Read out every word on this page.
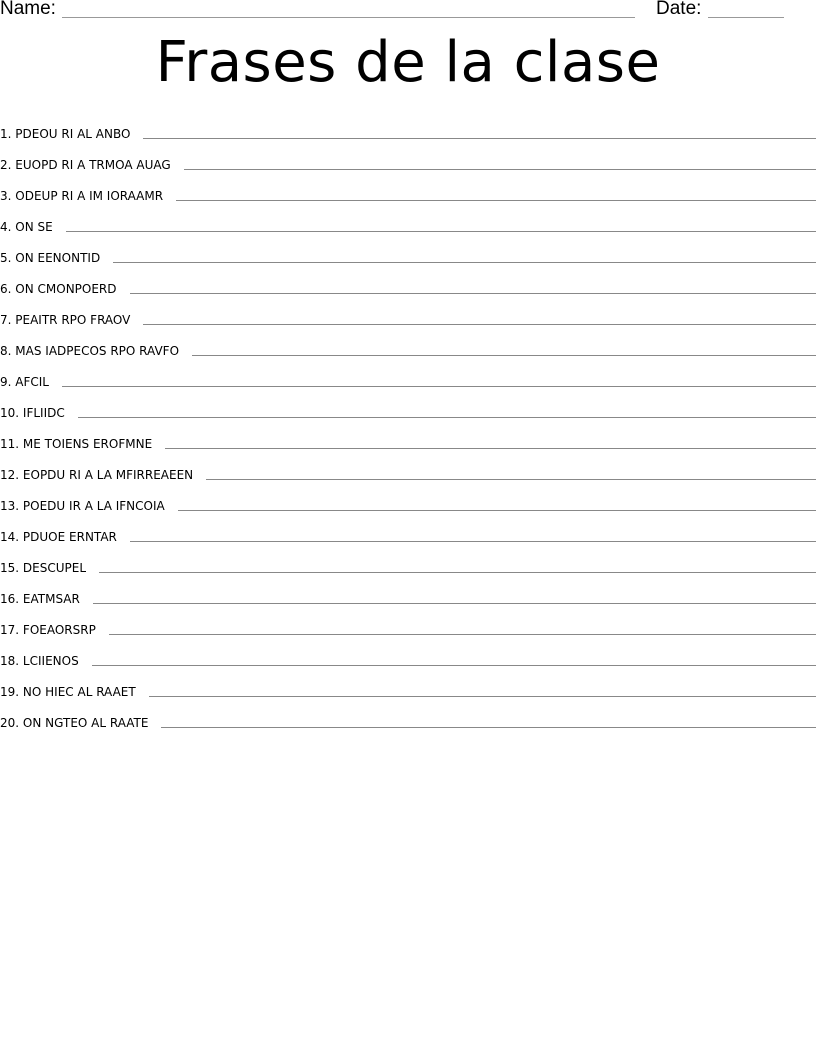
Name:	Date:
Frases de la clase
1. PDEOU RI AL ANBO
2. EUOPD RI A TRMOA AUAG
3. ODEUP RI A IM IORAAMR
4. ON SE
5. ON EENONTID
6. ON CMONPOERD
7. PEAITR RPO FRAOV
8. MAS IADPECOS RPO RAVFO
9. AFCIL
10. IFLIIDC
11. ME TOIENS EROFMNE
12. EOPDU RI A LA MFIRREAEEN
13. POEDU IR A LA IFNCOIA
14. PDUOE ERNTAR
15. DESCUPEL
16. EATMSAR
17. FOEAORSRP
18. LCIIENOS
19. NO HIEC AL RAAET
20. ON NGTEO AL RAATE
